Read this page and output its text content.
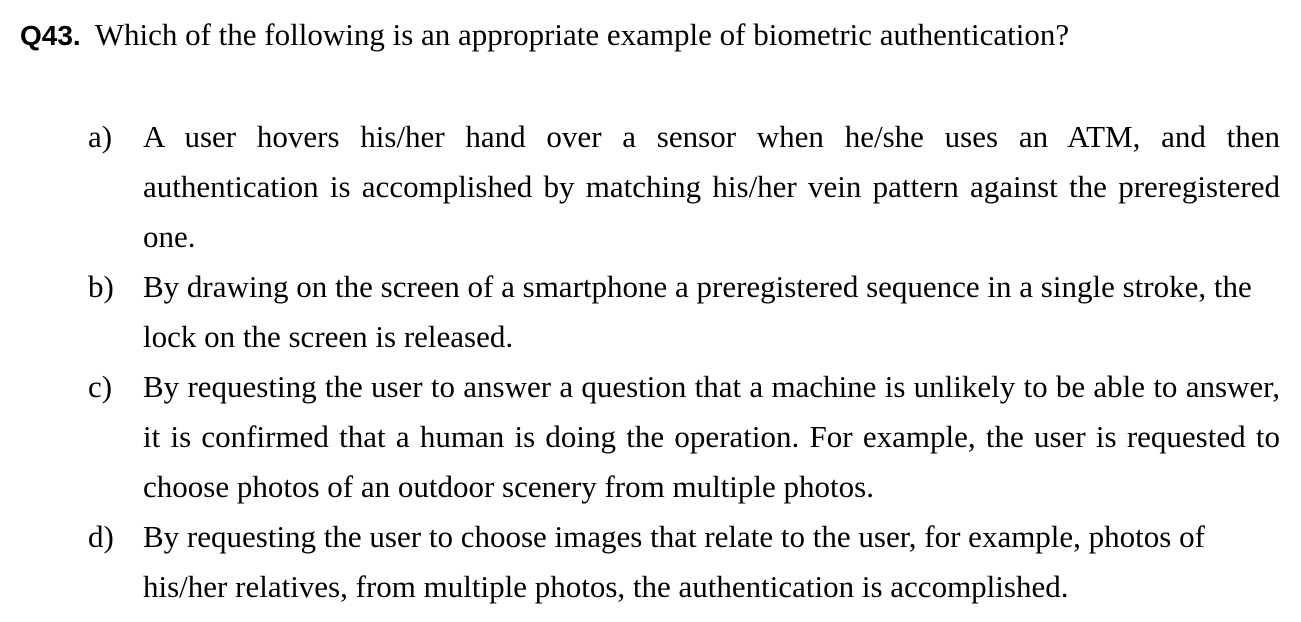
Q43. Which of the following is an appropriate example of biometric authentication?
a) A user hovers his/her hand over a sensor when he/she uses an ATM, and then authentication is accomplished by matching his/her vein pattern against the preregistered one.
b) By drawing on the screen of a smartphone a preregistered sequence in a single stroke, the lock on the screen is released.
c) By requesting the user to answer a question that a machine is unlikely to be able to answer, it is confirmed that a human is doing the operation. For example, the user is requested to choose photos of an outdoor scenery from multiple photos.
d) By requesting the user to choose images that relate to the user, for example, photos of his/her relatives, from multiple photos, the authentication is accomplished.
